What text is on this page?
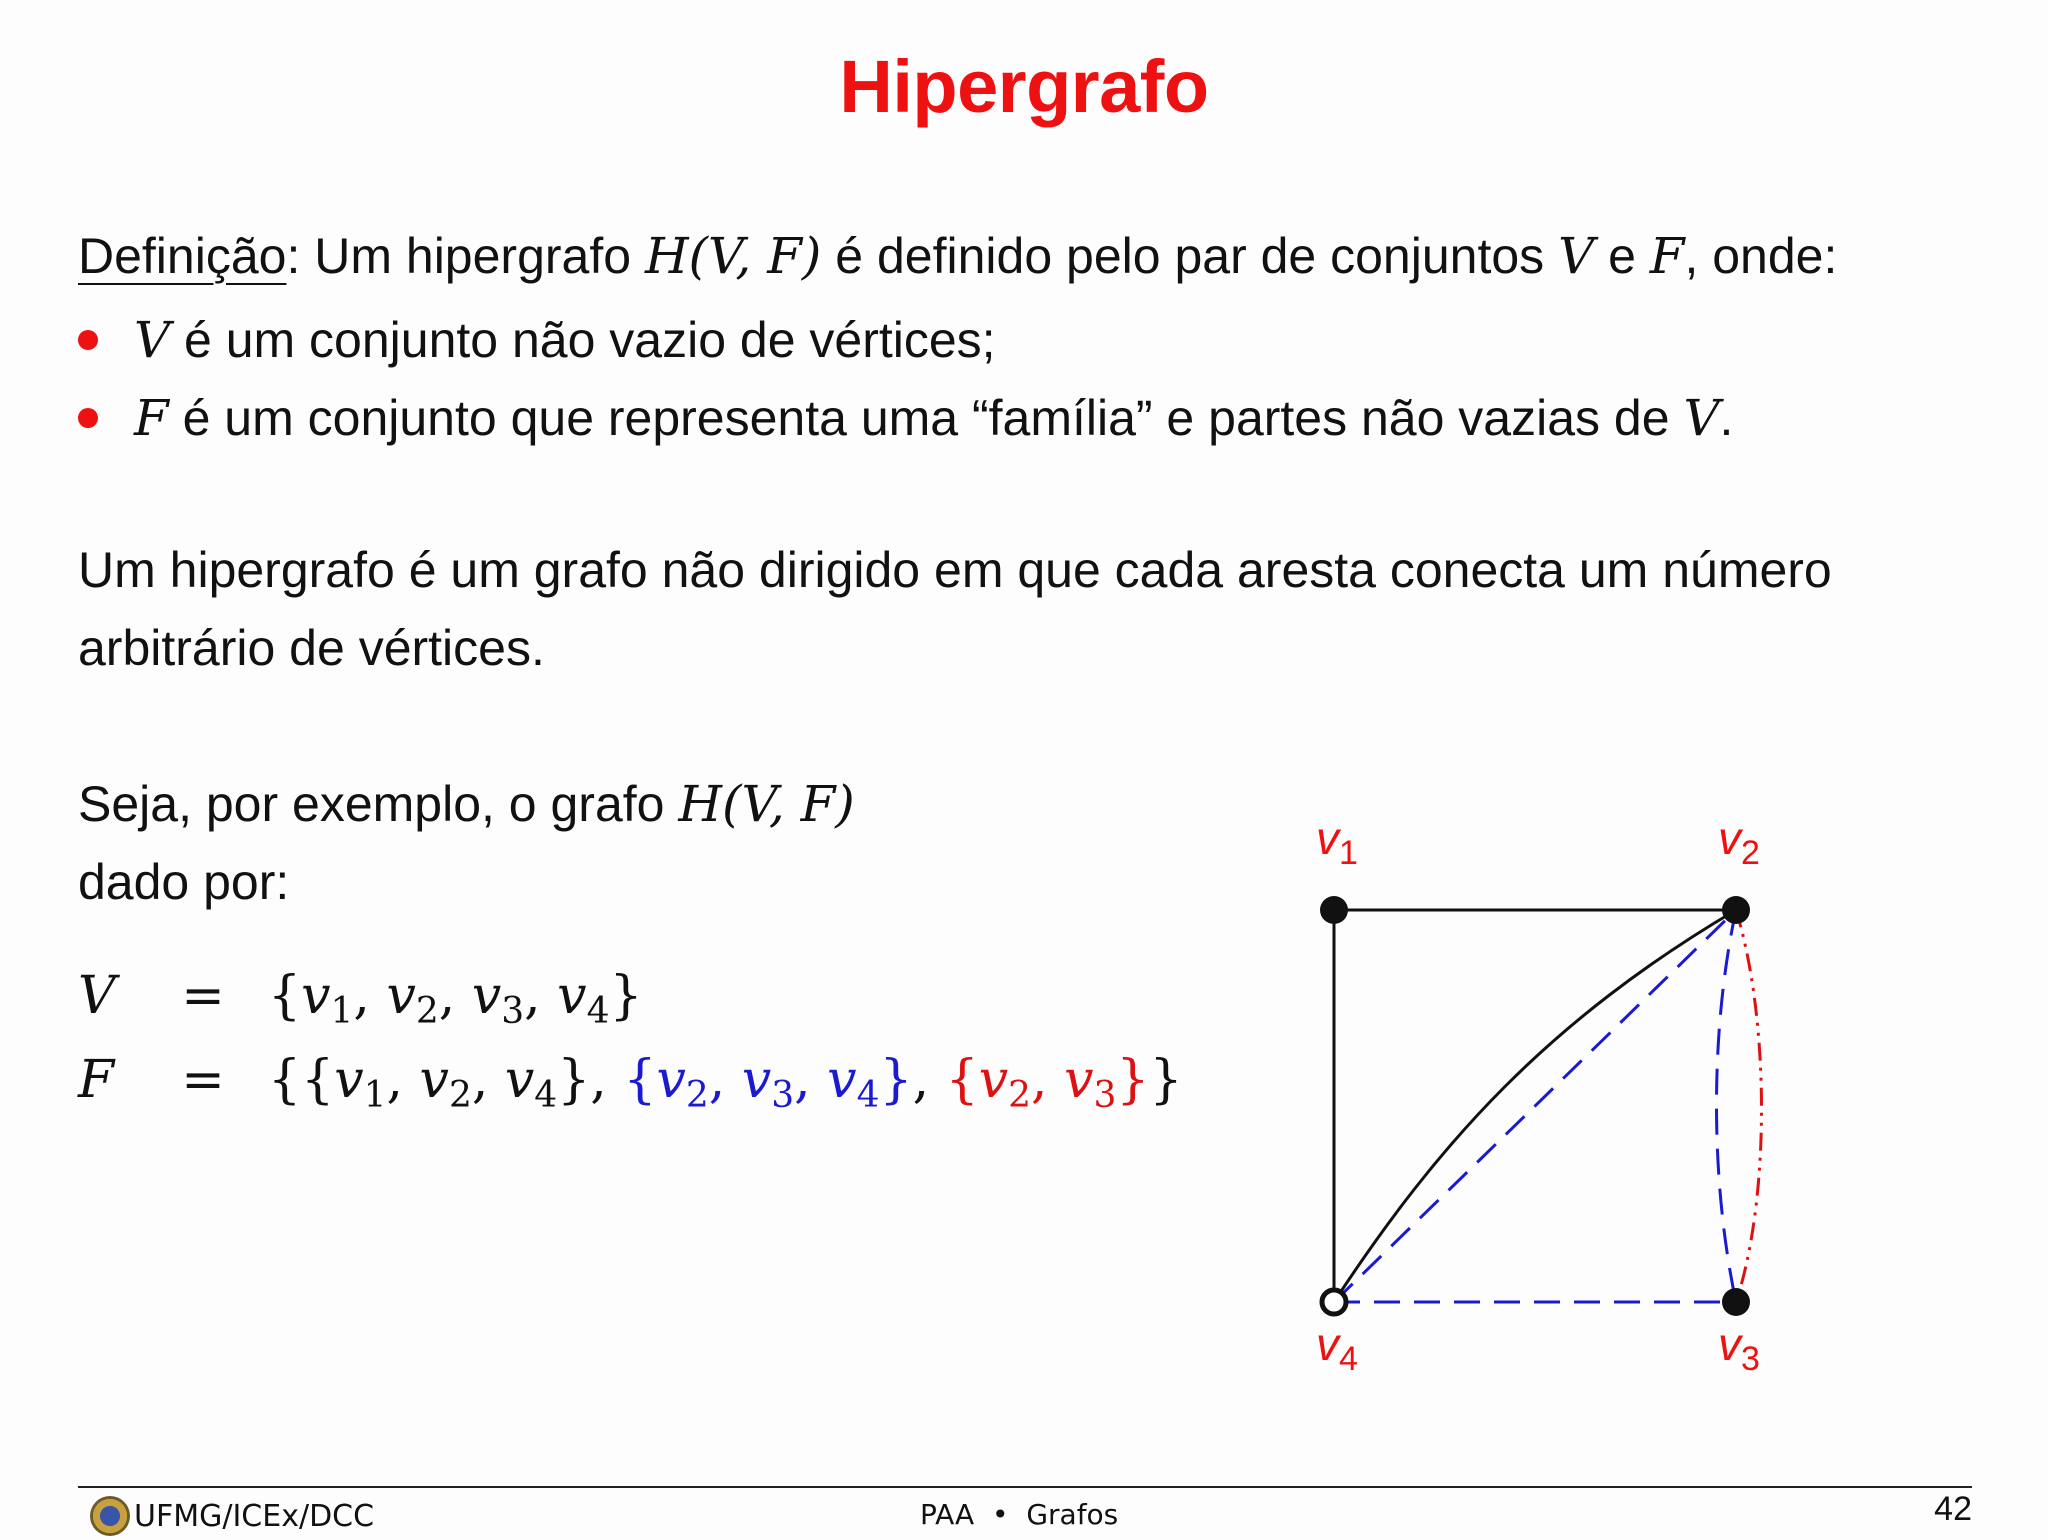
Hipergrafo
Definição: Um hipergrafo H(V, F) é definido pelo par de conjuntos V e F, onde:
V é um conjunto não vazio de vértices;
F é um conjunto que representa uma “família” e partes não vazias de V.
Um hipergrafo é um grafo não dirigido em que cada aresta conecta um número
arbitrário de vértices.
Seja, por exemplo, o grafo H(V, F)
dado por:
$V = \{v_1$, $v_2$, $v_3$, $v_4$}
$F = \{\{v_1$, $v_2$, $v_4$}, {$v_2$, $v_3$, $v_4$}, {$v_2$, $v_3$}}
$v_1$	$v_2$
$v_3$
$v_4$
UFMG/ICEx/DCC	PAA • Grafos	42
